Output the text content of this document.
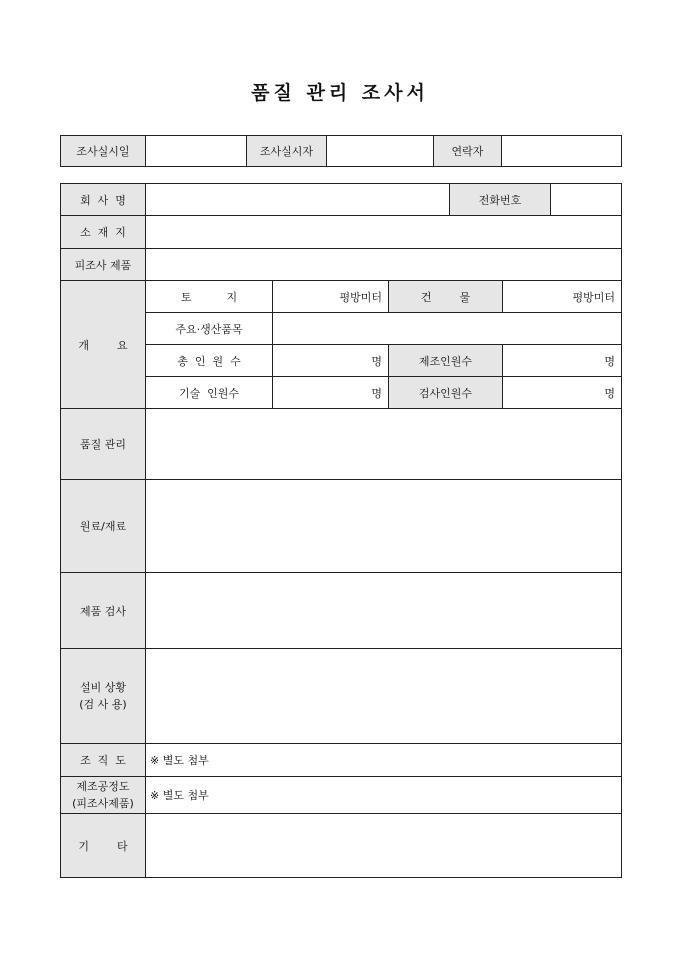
품질 관리 조사서
조사실시일		조사실시자		연락자	
회  사  명				전화번호		
소  재  지						
피조사 제품						
개        요	토          지	평방미터	건        물		평방미터	
	주요·생산품목					
	총  인  원  수	명	제조인원수		명	
	기술  인원수	명	검사인원수		명	
품질 관리						
원료/재료						
제품 검사						

설비 상황
(검 사 용)						

조  직  도	※ 별도 첨부					

제조공정도
(피조사제품)	※ 별도 첨부					
기        타						
